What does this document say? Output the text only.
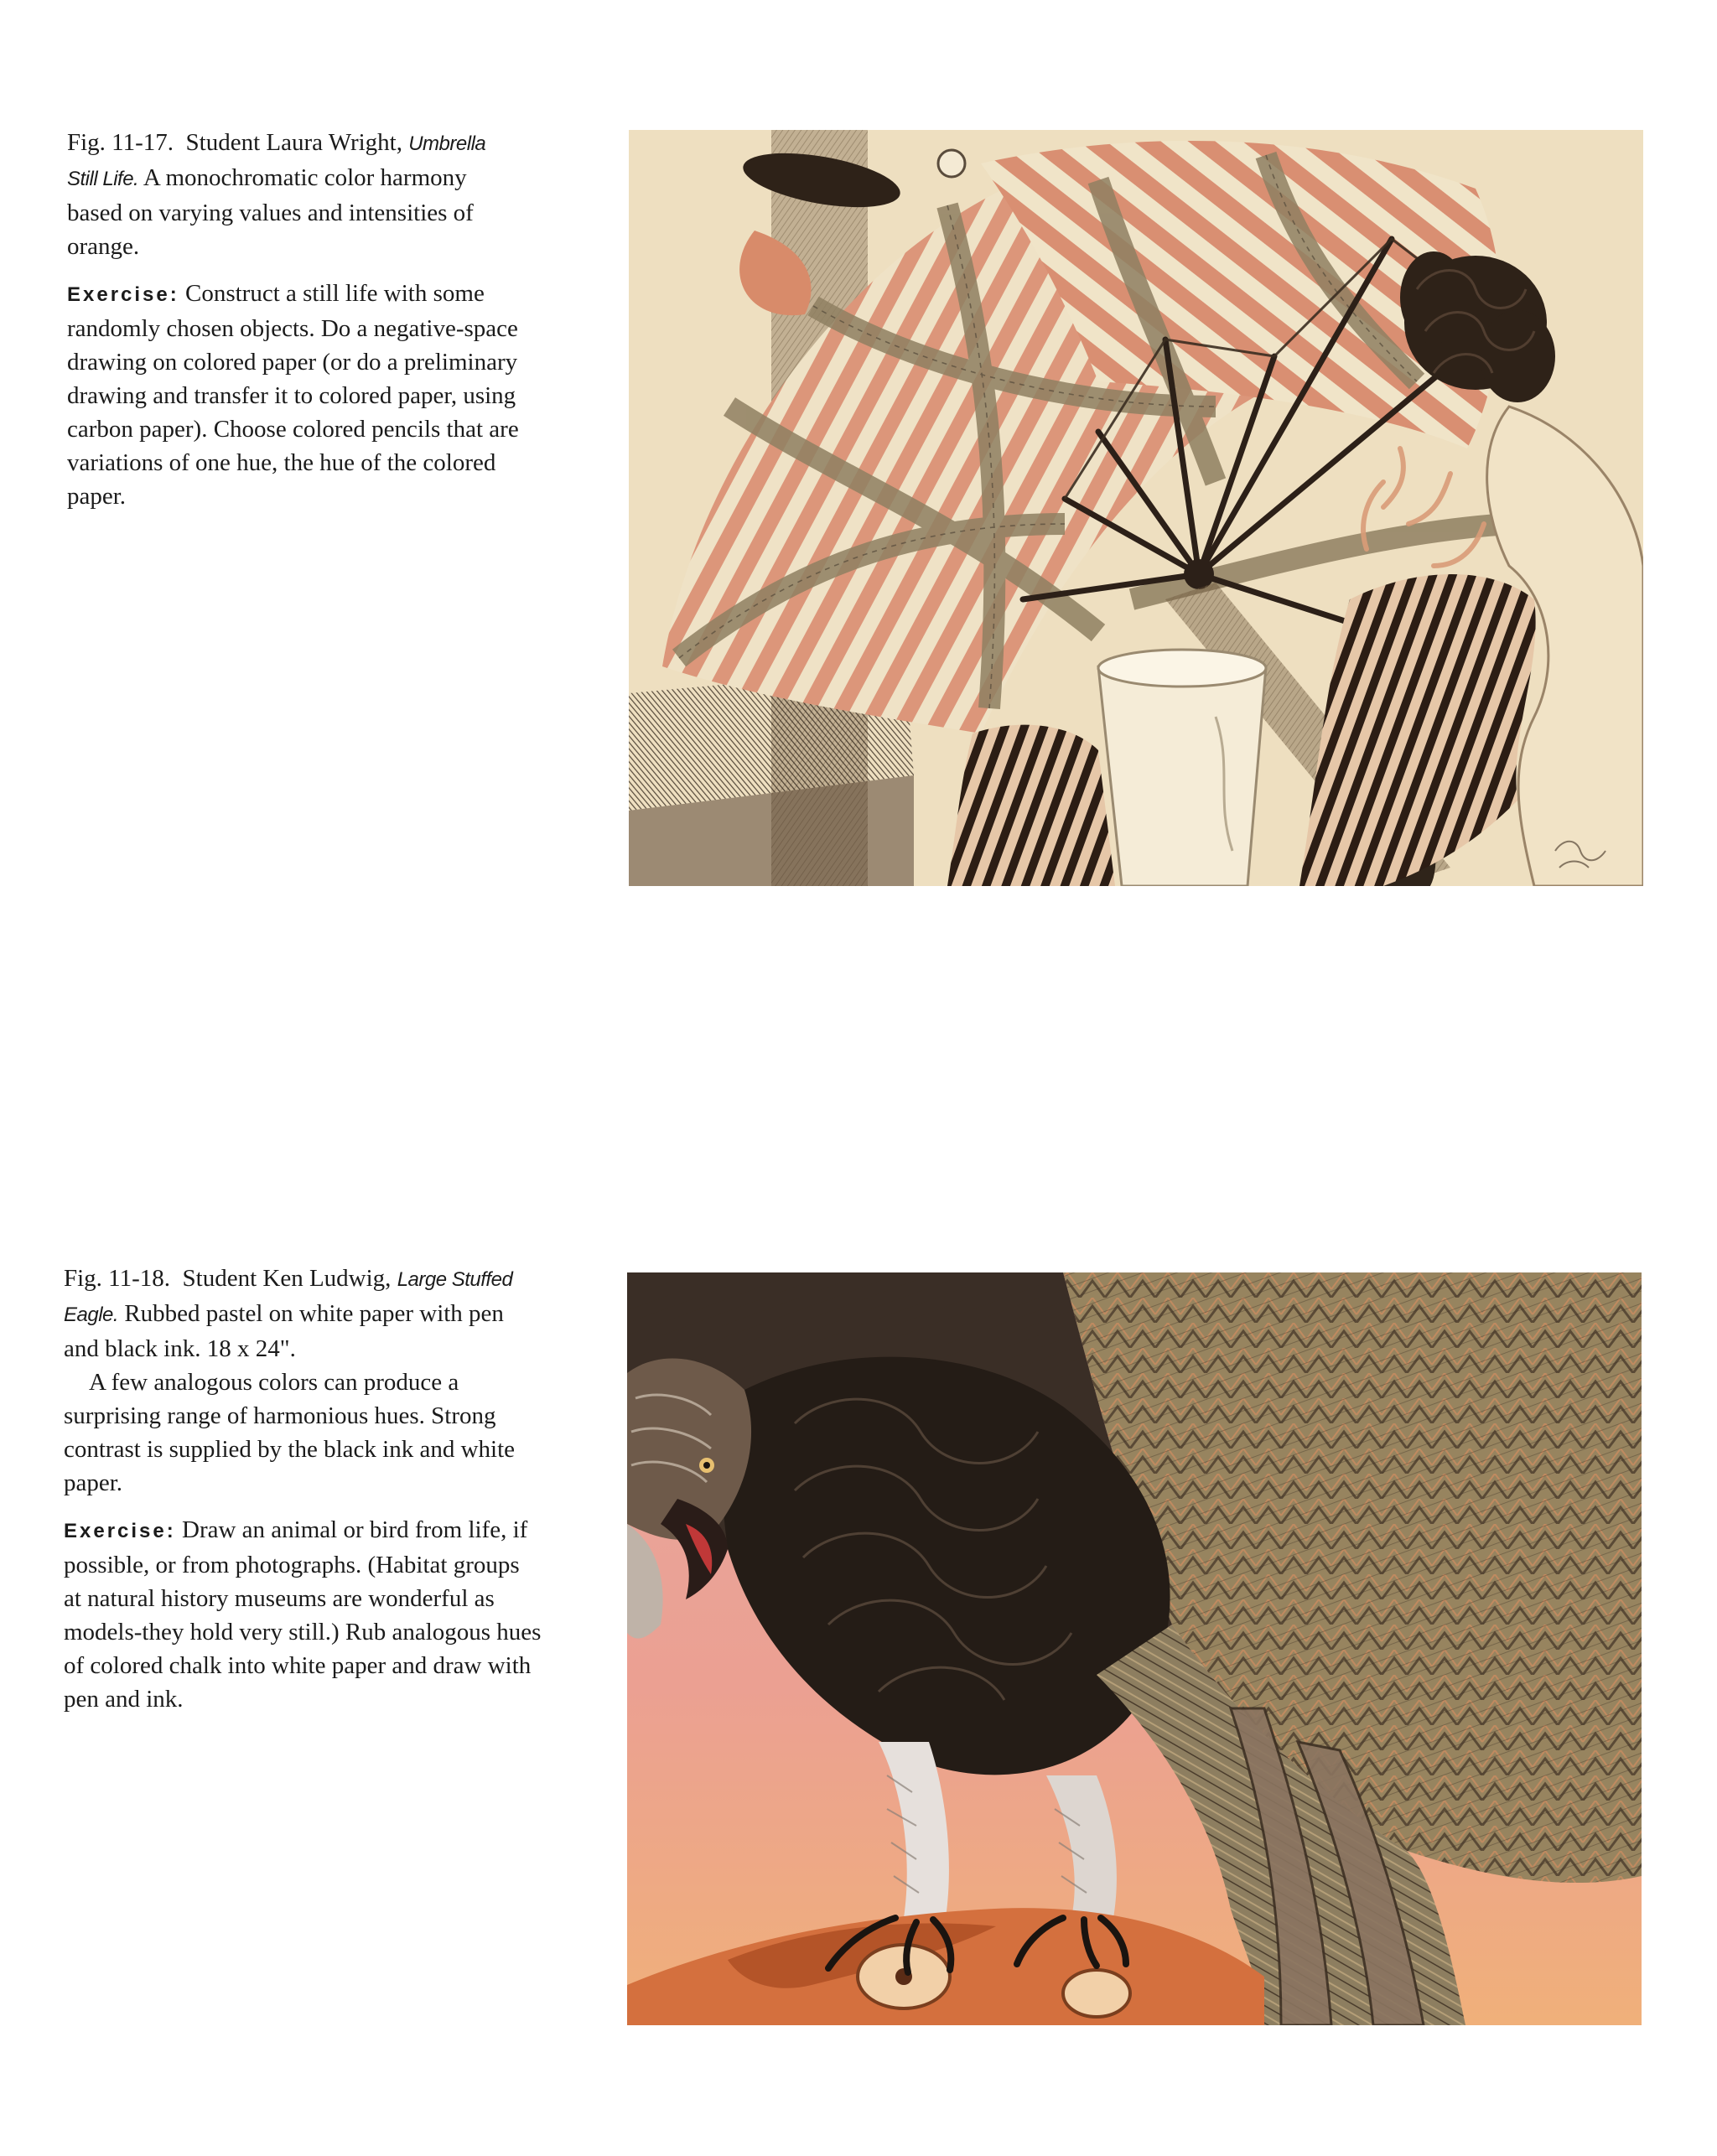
Fig. 11-17. Student Laura Wright, Umbrella Still Life. A monochromatic color harmony based on varying values and intensities of orange.

Exercise: Construct a still life with some randomly chosen objects. Do a negative-space drawing on colored paper (or do a preliminary drawing and transfer it to colored paper, using carbon paper). Choose colored pencils that are variations of one hue, the hue of the colored paper.

Fig. 11-18. Student Ken Ludwig, Large Stuffed Eagle. Rubbed pastel on white paper with pen and black ink. 18 x 24".

A few analogous colors can produce a surprising range of harmonious hues. Strong contrast is supplied by the black ink and white paper.

Exercise: Draw an animal or bird from life, if possible, or from photographs. (Habitat groups at natural history museums are wonderful as models-they hold very still.) Rub analogous hues of colored chalk into white paper and draw with pen and ink.
